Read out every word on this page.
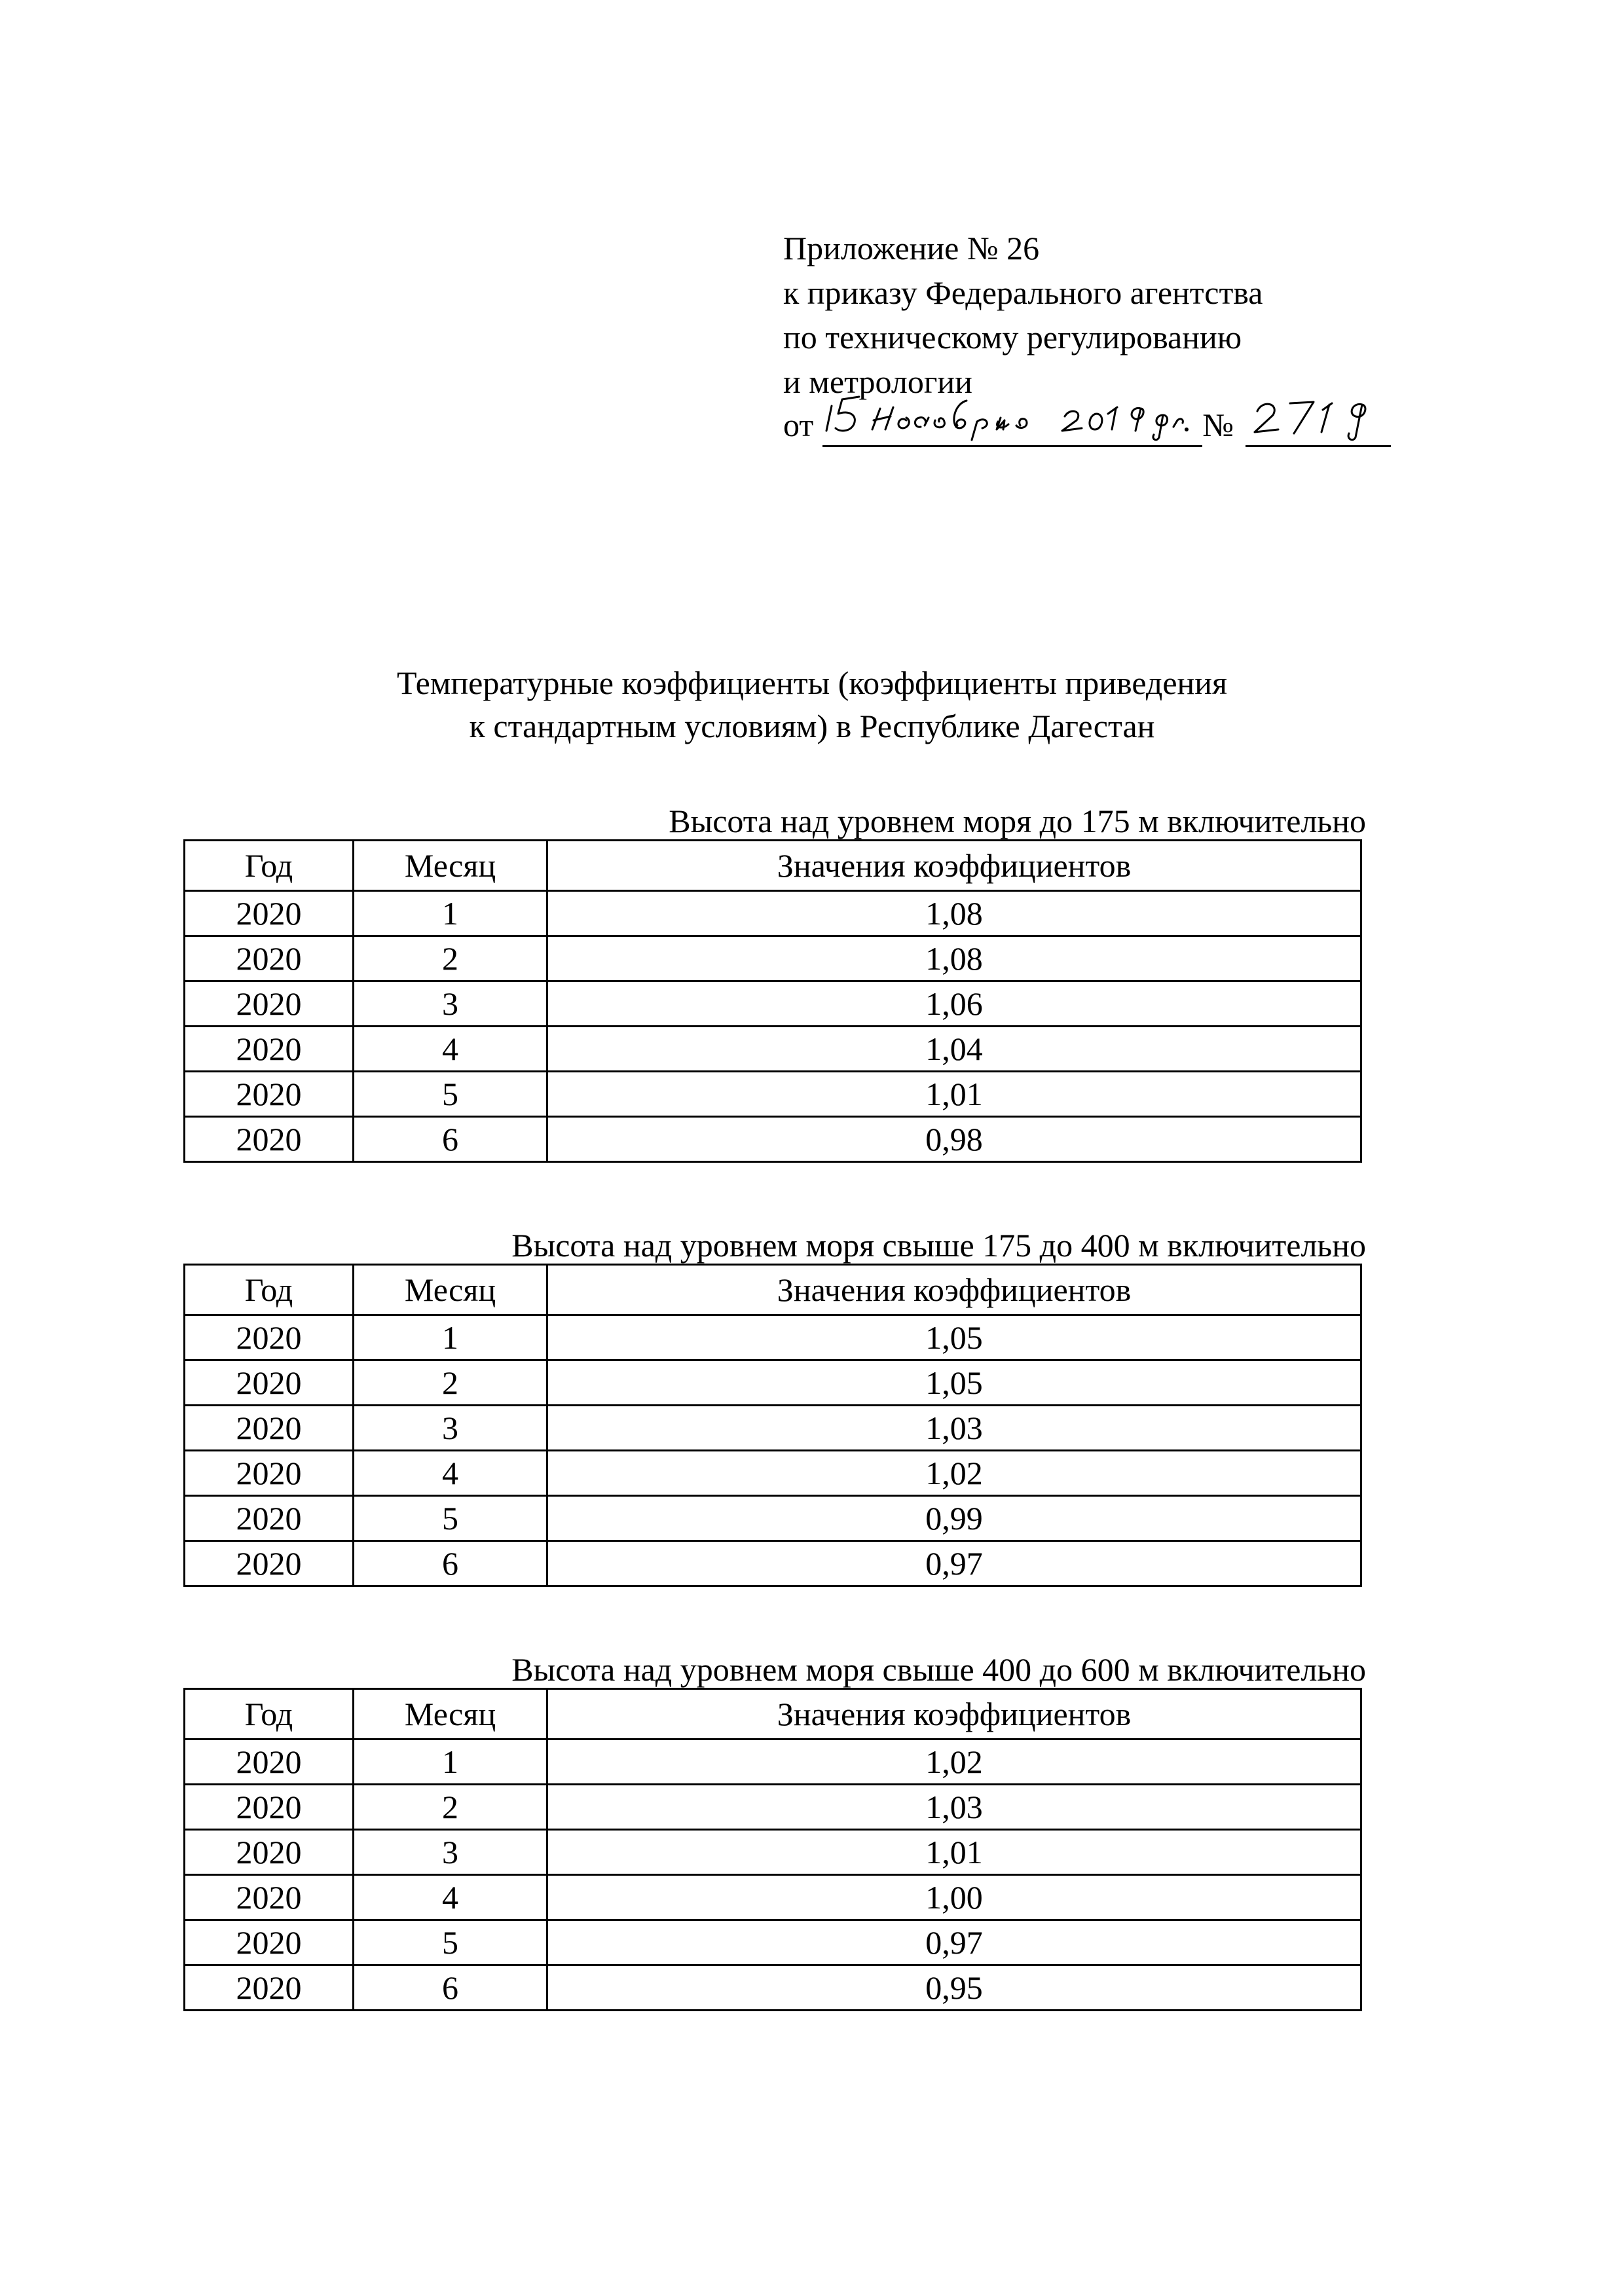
Приложение № 26
к приказу Федерального агентства
по техническому регулированию
и метрологии
от	№
Температурные коэффициенты (коэффициенты приведения
к стандартным условиям) в Республике Дагестан
Высота над уровнем моря до 175 м включительно
Год	Месяц	Значения коэффициентов
2020	1	1,08
2020	2	1,08
2020	3	1,06
2020	4	1,04
2020	5	1,01
2020	6	0,98
Высота над уровнем моря свыше 175 до 400 м включительно
Год	Месяц	Значения коэффициентов
2020	1	1,05
2020	2	1,05
2020	3	1,03
2020	4	1,02
2020	5	0,99
2020	6	0,97
Высота над уровнем моря свыше 400 до 600 м включительно
Год	Месяц	Значения коэффициентов
2020	1	1,02
2020	2	1,03
2020	3	1,01
2020	4	1,00
2020	5	0,97
2020	6	0,95
